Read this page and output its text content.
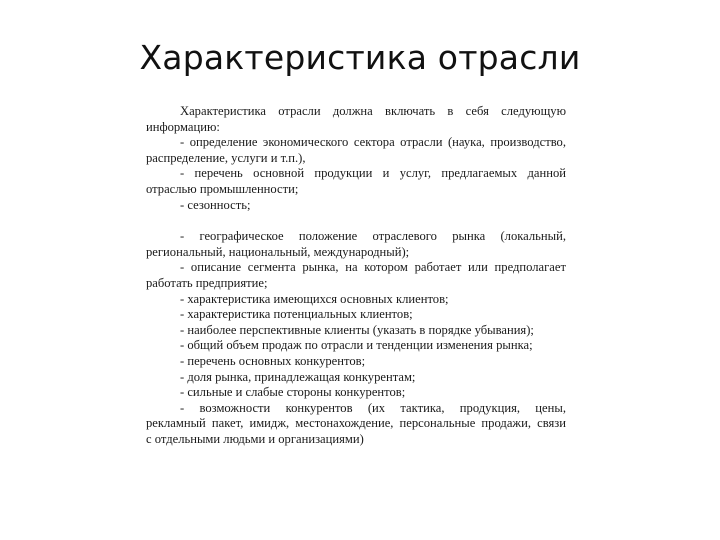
Характеристика отрасли
Характеристика отрасли должна включать в себя следующую
информацию:
- определение экономического сектора отрасли (наука, производство,
распределение, услуги и т.п.),
- перечень основной продукции и услуг, предлагаемых данной
отраслью промышленности;
- сезонность;
- географическое положение отраслевого рынка (локальный,
региональный, национальный, международный);
- описание сегмента рынка, на котором работает или предполагает
работать предприятие;
- характеристика имеющихся основных клиентов;
- характеристика потенциальных клиентов;
- наиболее перспективные клиенты (указать в порядке убывания);
- общий объем продаж по отрасли и тенденции изменения рынка;
- перечень основных конкурентов;
- доля рынка, принадлежащая конкурентам;
- сильные и слабые стороны конкурентов;
- возможности конкурентов (их тактика, продукция, цены,
рекламный пакет, имидж, местонахождение, персональные продажи, связи
с отдельными людьми и организациями)
